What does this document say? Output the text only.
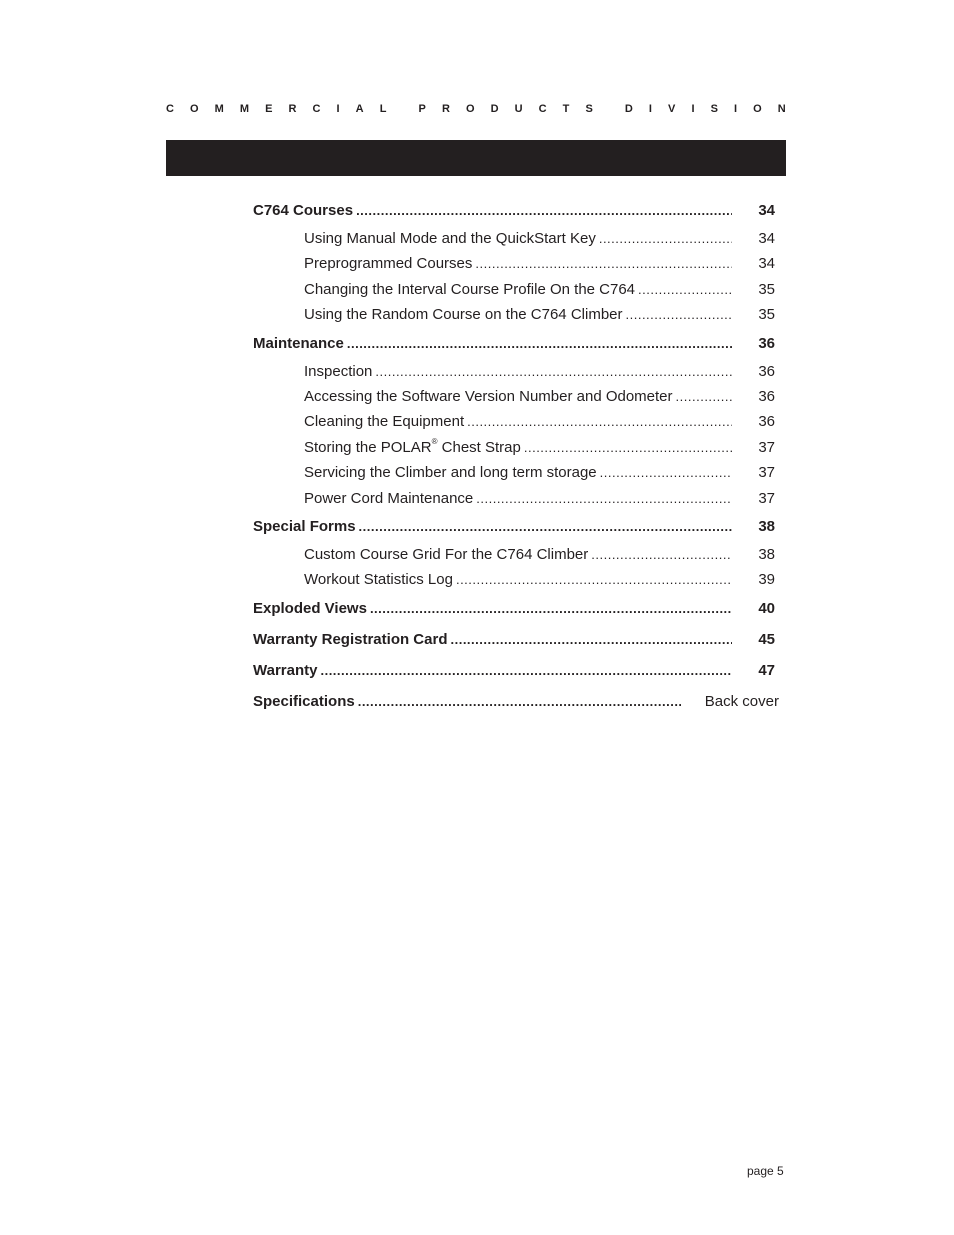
C O M M E R C I A L	P R O D U C T S	D I V I S I O N
C764 Courses .....	34
Using Manual Mode and the QuickStart Key .....	34
Preprogrammed Courses .....	34
Changing the Interval Course Profile On the C764 .....	35
Using the Random Course on the C764 Climber .....	35
Maintenance .....	36
Inspection .....	36
Accessing the Software Version Number and Odometer .....	36
Cleaning the Equipment .....	36
Storing the POLAR® Chest Strap .....	37
Servicing the Climber and long term storage .....	37
Power Cord Maintenance .....	37
Special Forms .....	38
Custom Course Grid For the C764 Climber .....	38
Workout Statistics Log .....	39
Exploded Views .....	40
Warranty Registration Card .....	45
Warranty .....	47
Specifications .....	Back cover
page 5
